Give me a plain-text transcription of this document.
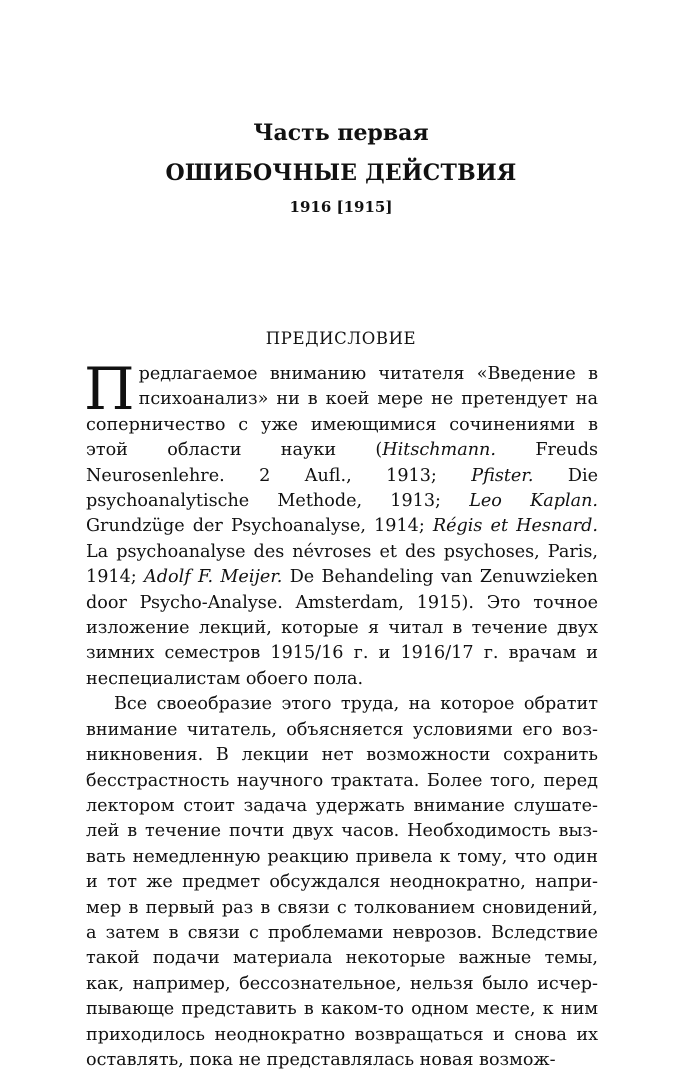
Часть первая
ОШИБОЧНЫЕ ДЕЙСТВИЯ
1916 [1915]
ПРЕДИСЛОВИЕ

Предлагаемое вниманию читателя «Введение в психоанализ» ни в коей мере не претендует на соперничество с уже имеющимися сочинениями в этой области науки (Hitschmann. Freuds Neurosenlehre. 2 Aufl., 1913; Pfister. Die psychoanalytische Methode, 1913; Leo Kaplan. Grundzüge der Psychoanalyse, 1914; Régis et Hesnard. La psychoanalyse des névroses et des psychoses, Paris, 1914; Adolf F. Meijer. De Behandeling van Zenuwzieken door Psycho-Analyse. Amsterdam, 1915). Это точное изложение лекций, которые я читал в течение двух зимних семестров 1915/16 г. и 1916/17 г. врачам и неспециалистам обоего пола.

Все своеобразие этого труда, на которое обратит внимание читатель, объясняется условиями его возникновения. В лекции нет возможности сохранить бесстрастность научного трактата. Более того, перед лектором стоит задача удержать внимание слушателей в течение почти двух часов. Необходимость вызвать немедленную реакцию привела к тому, что один и тот же предмет обсуждался неоднократно, например в первый раз в связи с толкованием сновидений, а затем в связи с проблемами неврозов. Вследствие такой подачи материала некоторые важные темы, как, например, бессознательное, нельзя было исчерпывающе представить в каком-то одном месте, к ним приходилось неоднократно возвращаться и снова их оставлять, пока не представлялась новая возмож-
